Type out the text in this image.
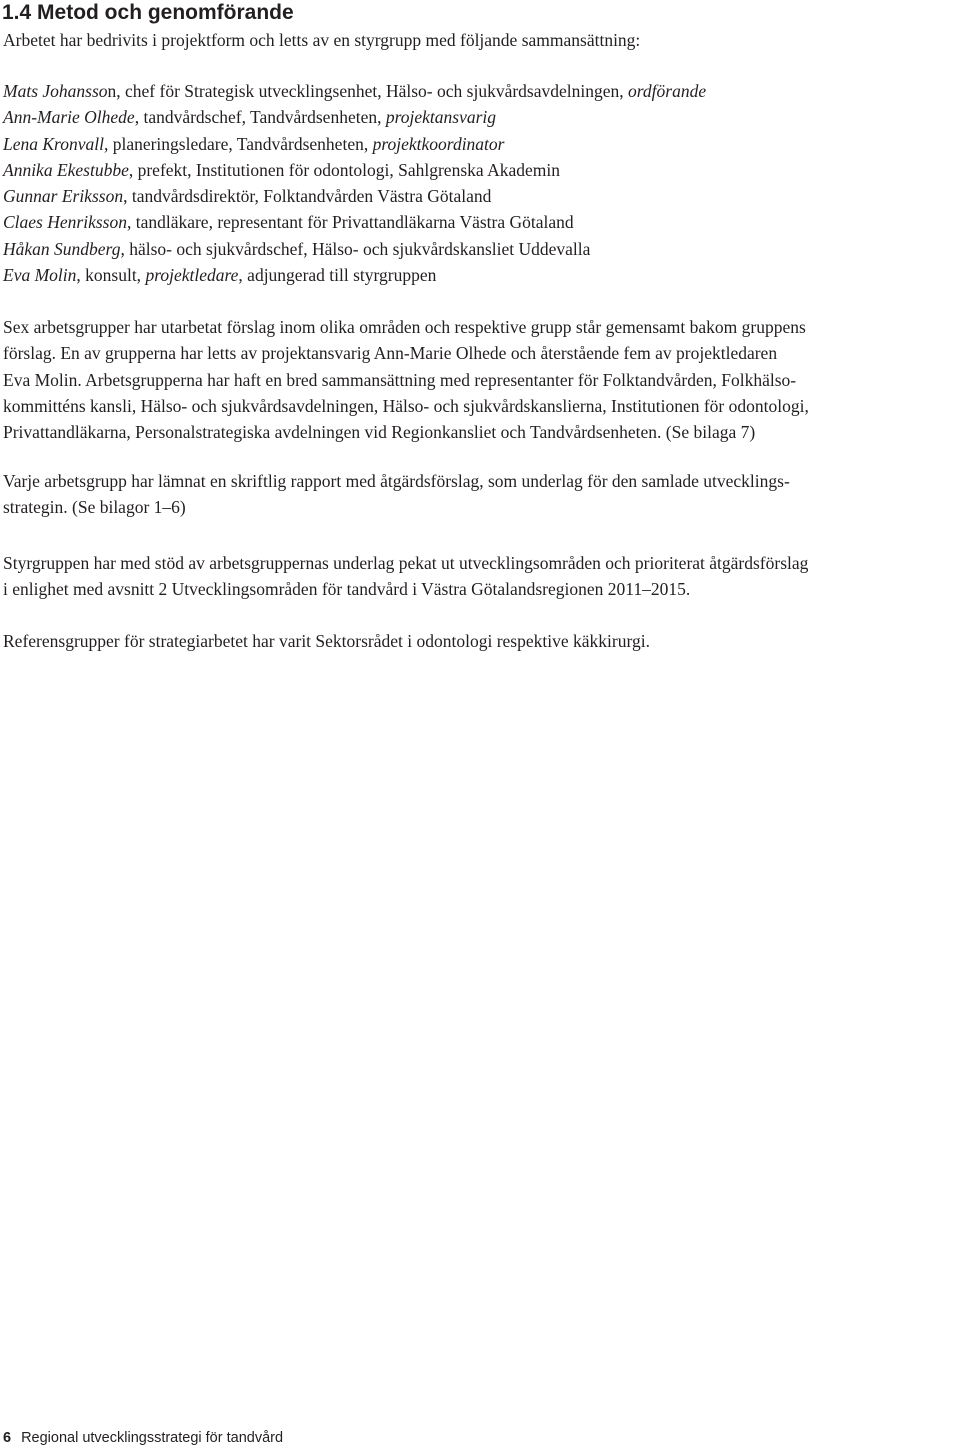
1.4 Metod och genomförande

Arbetet har bedrivits i projektform och letts av en styrgrupp med följande sammansättning:

Mats Johansson, chef för Strategisk utvecklingsenhet, Hälso- och sjukvårdsavdelningen, ordförande
Ann-Marie Olhede, tandvårdschef, Tandvårdsenheten, projektansvarig
Lena Kronvall, planeringsledare, Tandvårdsenheten, projektkoordinator
Annika Ekestubbe, prefekt, Institutionen för odontologi, Sahlgrenska Akademin
Gunnar Eriksson, tandvårdsdirektör, Folktandvården Västra Götaland
Claes Henriksson, tandläkare, representant för Privattandläkarna Västra Götaland
Håkan Sundberg, hälso- och sjukvårdschef, Hälso- och sjukvårdskansliet Uddevalla
Eva Molin, konsult, projektledare, adjungerad till styrgruppen
Sex arbetsgrupper har utarbetat förslag inom olika områden och respektive grupp står gemensamt bakom gruppens
förslag. En av grupperna har letts av projektansvarig Ann-Marie Olhede och återstående fem av projektledaren
Eva Molin. Arbetsgrupperna har haft en bred sammansättning med representanter för Folktandvården, Folkhälso-
kommitténs kansli, Hälso- och sjukvårdsavdelningen, Hälso- och sjukvårdskanslierna, Institutionen för odontologi,
Privattandläkarna, Personalstrategiska avdelningen vid Regionkansliet och Tandvårdsenheten. (Se bilaga 7)
Varje arbetsgrupp har lämnat en skriftlig rapport med åtgärdsförslag, som underlag för den samlade utvecklings-
strategin. (Se bilagor 1–6)
Styrgruppen har med stöd av arbetsgruppernas underlag pekat ut utvecklingsområden och prioriterat åtgärdsförslag
i enlighet med avsnitt 2 Utvecklingsområden för tandvård i Västra Götalandsregionen 2011–2015.
Referensgrupper för strategiarbetet har varit Sektorsrådet i odontologi respektive käkkirurgi.
6 Regional utvecklingsstrategi för tandvård
